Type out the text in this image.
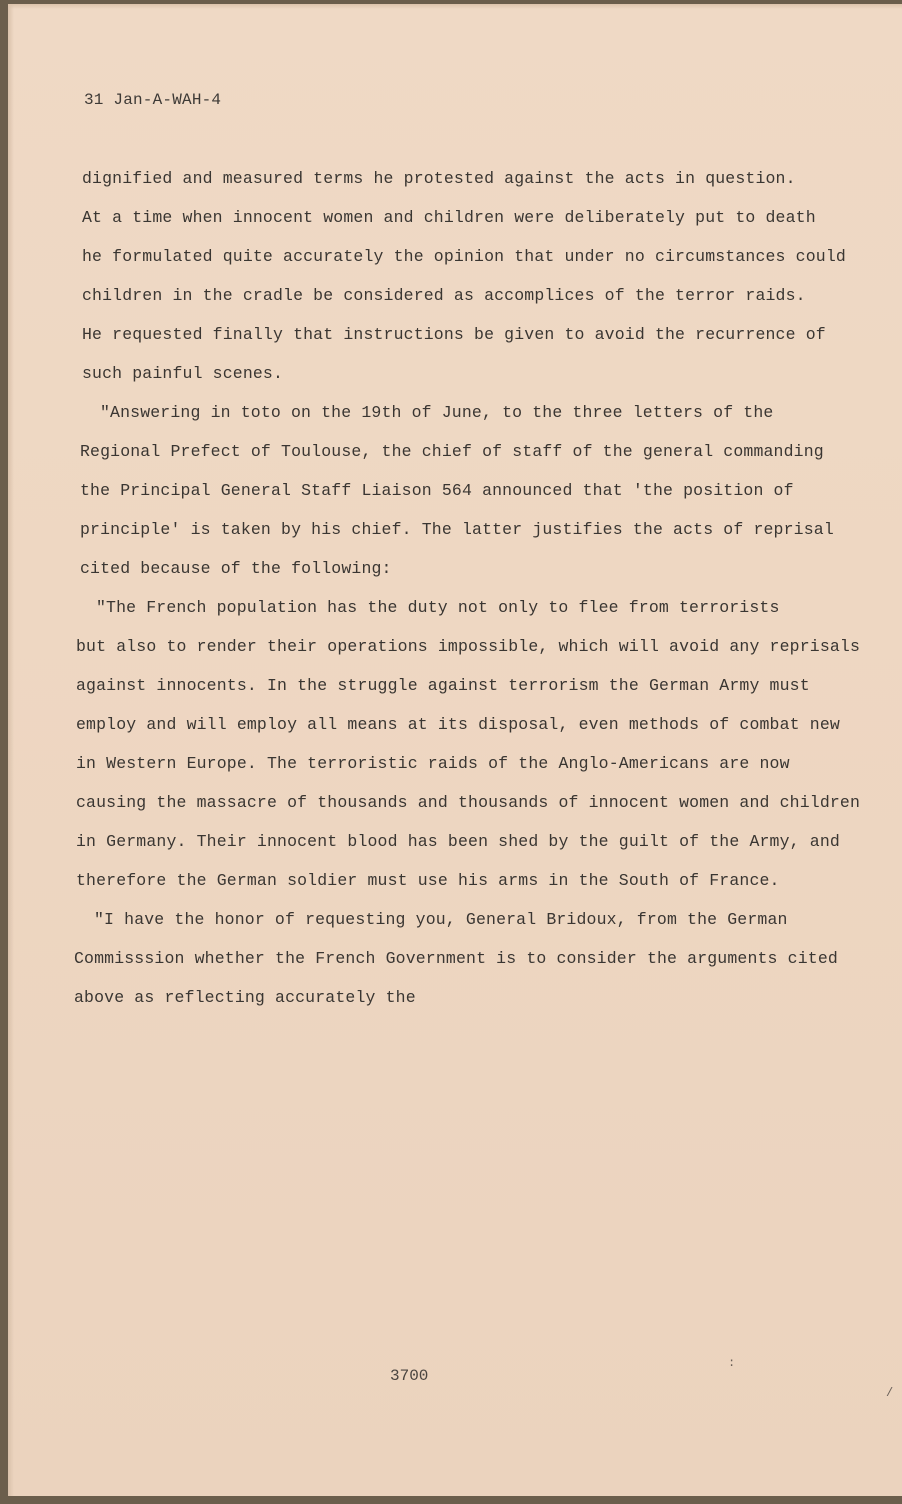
31 Jan-A-WAH-4
dignified and measured terms he protested against the acts in question.
At a time when innocent women and children were deliberately put to death
he formulated quite accurately the opinion that under no circumstances could
children in the cradle be considered as accomplices of the terror raids.
He requested finally that instructions be given to avoid the recurrence of
such painful scenes.
"Answering in toto on the 19th of June, to the three letters of the
Regional Prefect of Toulouse, the chief of staff of the general commanding
the Principal General Staff Liaison 564 announced that 'the position of
principle' is taken by his chief. The latter justifies the acts of reprisal
cited because of the following:
"The French population has the duty not only to flee from terrorists
but also to render their operations impossible, which will avoid any reprisals
against innocents. In the struggle against terrorism the German Army must
employ and will employ all means at its disposal, even methods of combat new
in Western Europe. The terroristic raids of the Anglo-Americans are now
causing the massacre of thousands and thousands of innocent women and children
in Germany. Their innocent blood has been shed by the guilt of the Army, and
therefore the German soldier must use his arms in the South of France.
"I have the honor of requesting you, General Bridoux, from the German
Commisssion whether the French Government is to consider the arguments cited
above as reflecting accurately the
:
/
3700
